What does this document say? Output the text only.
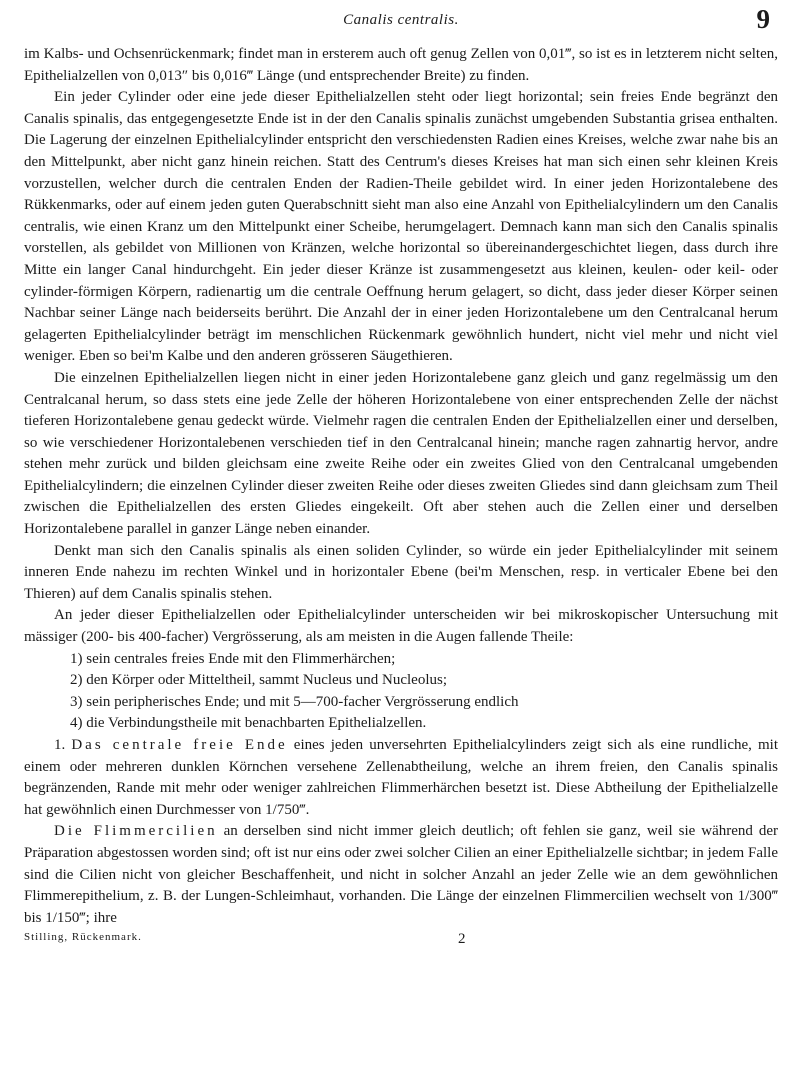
Canalis centralis.	9

im Kalbs- und Ochsenrückenmark; findet man in ersterem auch oft genug Zellen von 0,01‴, so ist es in letzterem nicht selten, Epithelialzellen von 0,013″ bis 0,016‴ Länge (und entsprechender Breite) zu finden.

Ein jeder Cylinder oder eine jede dieser Epithelialzellen steht oder liegt horizontal; sein freies Ende begränzt den Canalis spinalis, das entgegengesetzte Ende ist in der den Canalis spinalis zunächst umgebenden Substantia grisea enthalten. Die Lagerung der einzelnen Epithelialcylinder entspricht den verschiedensten Radien eines Kreises, welche zwar nahe bis an den Mittelpunkt, aber nicht ganz hinein reichen. Statt des Centrum's dieses Kreises hat man sich einen sehr kleinen Kreis vorzustellen, welcher durch die centralen Enden der Radien-Theile gebildet wird. In einer jeden Horizontalebene des Rükkenmarks, oder auf einem jeden guten Querabschnitt sieht man also eine Anzahl von Epithelialcylindern um den Canalis centralis, wie einen Kranz um den Mittelpunkt einer Scheibe, herumgelagert. Demnach kann man sich den Canalis spinalis vorstellen, als gebildet von Millionen von Kränzen, welche horizontal so übereinandergeschichtet liegen, dass durch ihre Mitte ein langer Canal hindurchgeht. Ein jeder dieser Kränze ist zusammengesetzt aus kleinen, keulen- oder keil- oder cylinder-förmigen Körpern, radienartig um die centrale Oeffnung herum gelagert, so dicht, dass jeder dieser Körper seinen Nachbar seiner Länge nach beiderseits berührt. Die Anzahl der in einer jeden Horizontalebene um den Centralcanal herum gelagerten Epithelialcylinder beträgt im menschlichen Rückenmark gewöhnlich hundert, nicht viel mehr und nicht viel weniger. Eben so bei'm Kalbe und den anderen grösseren Säugethieren.

Die einzelnen Epithelialzellen liegen nicht in einer jeden Horizontalebene ganz gleich und ganz regelmässig um den Centralcanal herum, so dass stets eine jede Zelle der höheren Horizontalebene von einer entsprechenden Zelle der nächst tieferen Horizontalebene genau gedeckt würde. Vielmehr ragen die centralen Enden der Epithelialzellen einer und derselben, so wie verschiedener Horizontalebenen verschieden tief in den Centralcanal hinein; manche ragen zahnartig hervor, andre stehen mehr zurück und bilden gleichsam eine zweite Reihe oder ein zweites Glied von den Centralcanal umgebenden Epithelialcylindern; die einzelnen Cylinder dieser zweiten Reihe oder dieses zweiten Gliedes sind dann gleichsam zum Theil zwischen die Epithelialzellen des ersten Gliedes eingekeilt. Oft aber stehen auch die Zellen einer und derselben Horizontalebene parallel in ganzer Länge neben einander.

Denkt man sich den Canalis spinalis als einen soliden Cylinder, so würde ein jeder Epithelialcylinder mit seinem inneren Ende nahezu im rechten Winkel und in horizontaler Ebene (bei'm Menschen, resp. in verticaler Ebene bei den Thieren) auf dem Canalis spinalis stehen.

An jeder dieser Epithelialzellen oder Epithelialcylinder unterscheiden wir bei mikroskopischer Untersuchung mit mässiger (200- bis 400-facher) Vergrösserung, als am meisten in die Augen fallende Theile:

1) sein centrales freies Ende mit den Flimmerhärchen;
2) den Körper oder Mitteltheil, sammt Nucleus und Nucleolus;
3) sein peripherisches Ende; und mit 5—700-facher Vergrösserung endlich
4) die Verbindungstheile mit benachbarten Epithelialzellen.

1. Das centrale freie Ende eines jeden unversehrten Epithelialcylinders zeigt sich als eine rundliche, mit einem oder mehreren dunklen Körnchen versehene Zellenabtheilung, welche an ihrem freien, den Canalis spinalis begränzenden, Rande mit mehr oder weniger zahlreichen Flimmerhärchen besetzt ist. Diese Abtheilung der Epithelialzelle hat gewöhnlich einen Durchmesser von 1/750‴.

Die Flimmercilien an derselben sind nicht immer gleich deutlich; oft fehlen sie ganz, weil sie während der Präparation abgestossen worden sind; oft ist nur eins oder zwei solcher Cilien an einer Epithelialzelle sichtbar; in jedem Falle sind die Cilien nicht von gleicher Beschaffenheit, und nicht in solcher Anzahl an jeder Zelle wie an dem gewöhnlichen Flimmerepithelium, z. B. der Lungen-Schleimhaut, vorhanden. Die Länge der einzelnen Flimmercilien wechselt von 1/300‴ bis 1/150‴; ihre

Stilling, Rückenmark.	2
